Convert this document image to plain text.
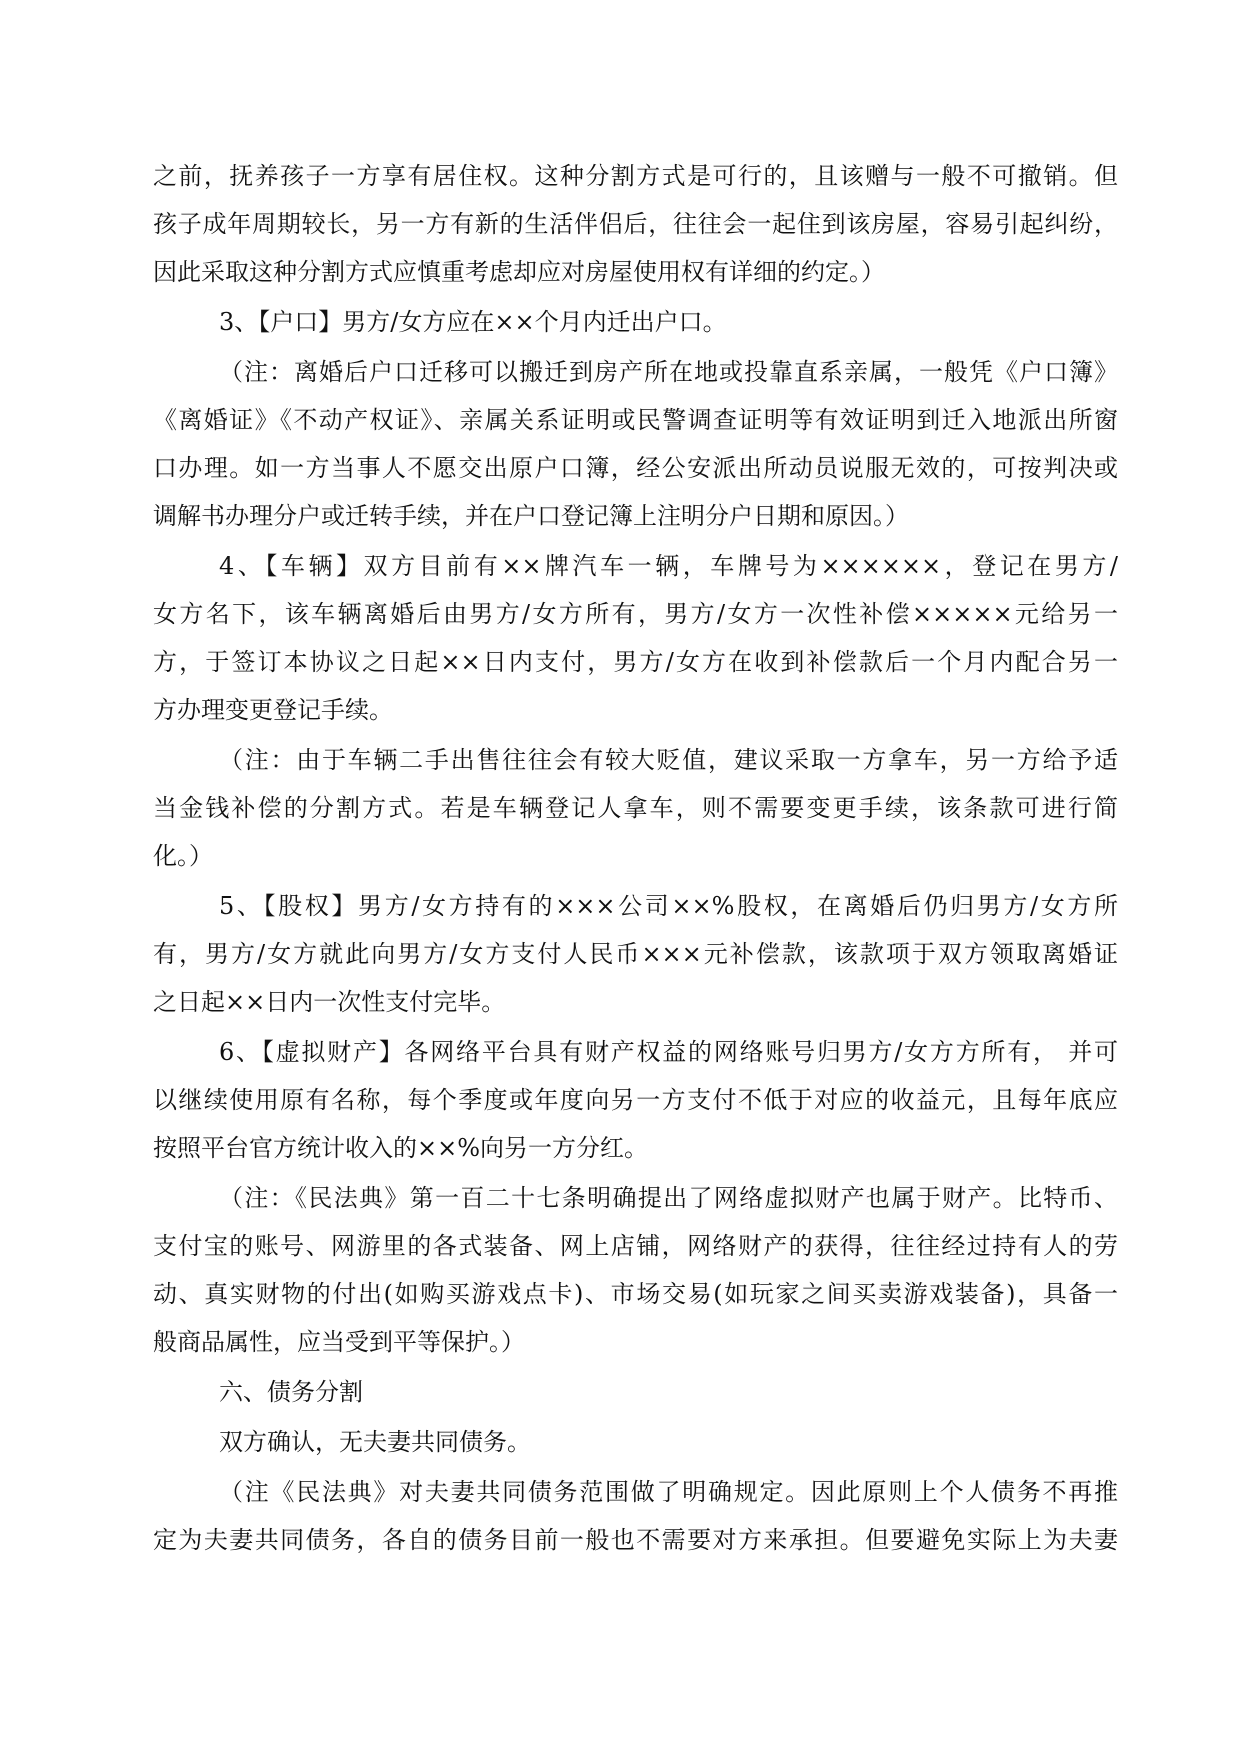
之前，抚养孩子一方享有居住权。这种分割方式是可行的，且该赠与一般不可撤销。但
孩子成年周期较长，另一方有新的生活伴侣后，往往会一起住到该房屋，容易引起纠纷，
因此采取这种分割方式应慎重考虑却应对房屋使用权有详细的约定。）
3、【户口】男方/女方应在××个月内迁出户口。
（注：离婚后户口迁移可以搬迁到房产所在地或投靠直系亲属，一般凭《户口簿》
《离婚证》《不动产权证》、亲属关系证明或民警调查证明等有效证明到迁入地派出所窗
口办理。如一方当事人不愿交出原户口簿，经公安派出所动员说服无效的，可按判决或
调解书办理分户或迁转手续，并在户口登记簿上注明分户日期和原因。）
4、【车辆】双方目前有××牌汽车一辆，车牌号为××××××，登记在男方/
女方名下，该车辆离婚后由男方/女方所有，男方/女方一次性补偿×××××元给另一
方，于签订本协议之日起××日内支付，男方/女方在收到补偿款后一个月内配合另一
方办理变更登记手续。
（注：由于车辆二手出售往往会有较大贬值，建议采取一方拿车，另一方给予适
当金钱补偿的分割方式。若是车辆登记人拿车，则不需要变更手续，该条款可进行简
化。）
5、【股权】男方/女方持有的×××公司××%股权，在离婚后仍归男方/女方所
有，男方/女方就此向男方/女方支付人民币×××元补偿款，该款项于双方领取离婚证
之日起××日内一次性支付完毕。
6、【虚拟财产】各网络平台具有财产权益的网络账号归男方/女方方所有， 并可
以继续使用原有名称，每个季度或年度向另一方支付不低于对应的收益元，且每年底应
按照平台官方统计收入的××%向另一方分红。
（注：《民法典》第一百二十七条明确提出了网络虚拟财产也属于财产。比特币、
支付宝的账号、网游里的各式装备、网上店铺，网络财产的获得，往往经过持有人的劳
动、真实财物的付出(如购买游戏点卡)、市场交易(如玩家之间买卖游戏装备)，具备一
般商品属性，应当受到平等保护。）
六、债务分割
双方确认，无夫妻共同债务。
（注《民法典》对夫妻共同债务范围做了明确规定。因此原则上个人债务不再推
定为夫妻共同债务，各自的债务目前一般也不需要对方来承担。但要避免实际上为夫妻
